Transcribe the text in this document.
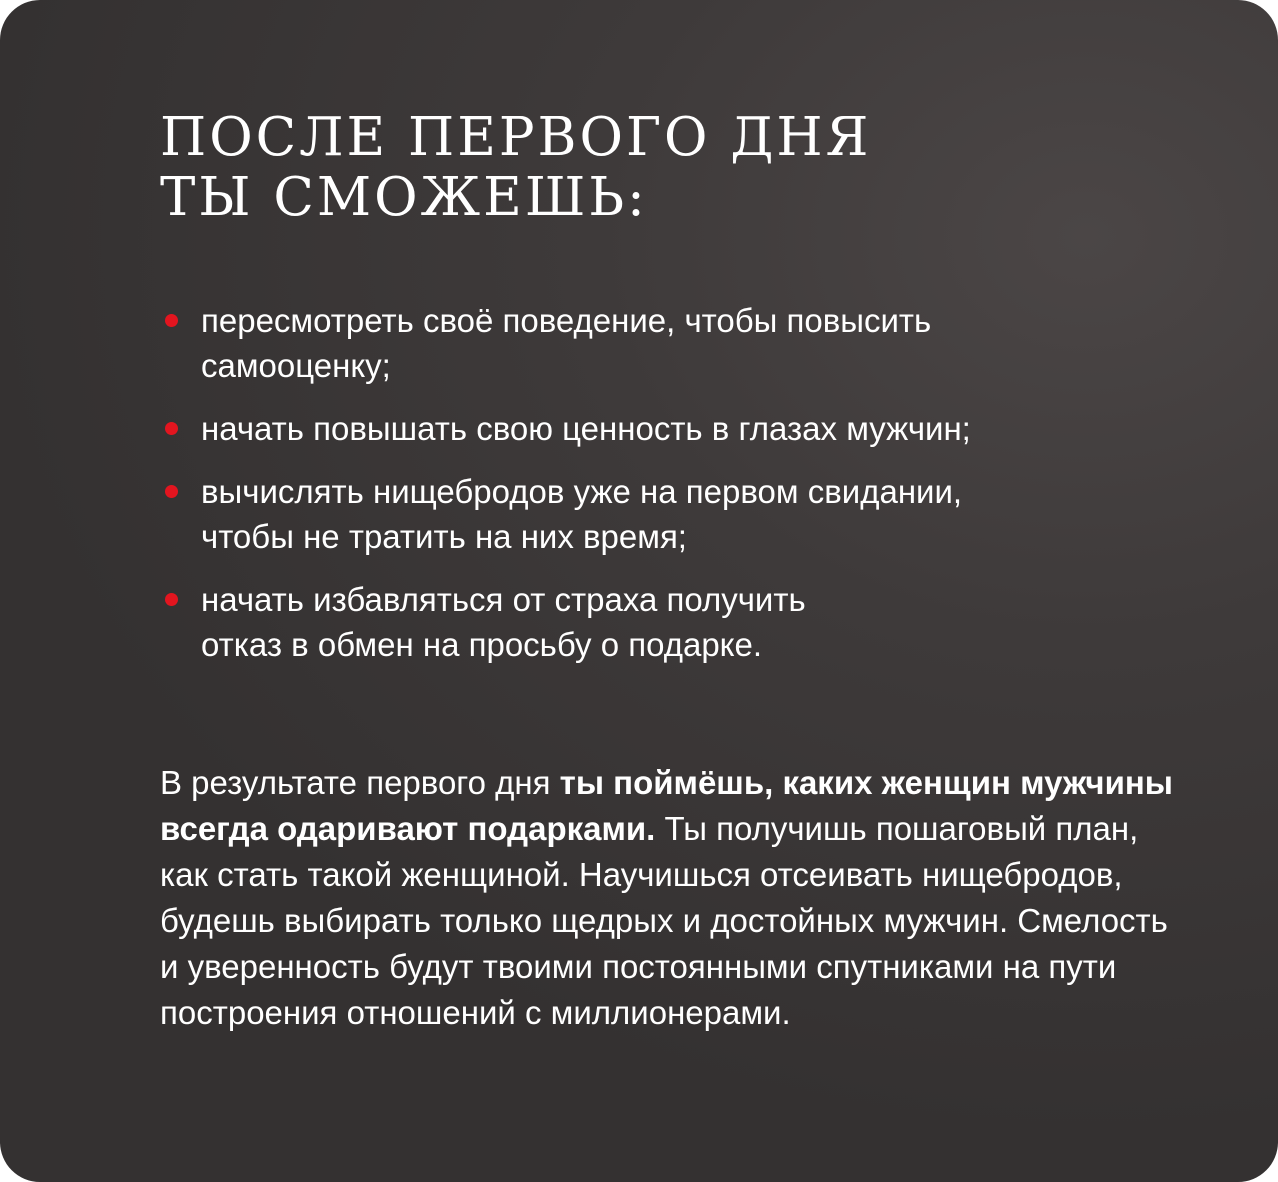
ПОСЛЕ ПЕРВОГО ДНЯ
ТЫ СМОЖЕШЬ:
пересмотреть своё поведение, чтобы повысить
самооценку;
начать повышать свою ценность в глазах мужчин;
вычислять нищебродов уже на первом свидании,
чтобы не тратить на них время;
начать избавляться от страха получить
отказ в обмен на просьбу о подарке.

В результате первого дня ты поймёшь, каких женщин мужчины всегда одаривают подарками. Ты получишь пошаговый план, как стать такой женщиной. Научишься отсеивать нищебродов, будешь выбирать только щедрых и достойных мужчин. Смелость и уверенность будут твоими постоянными спутниками на пути построения отношений с миллионерами.
